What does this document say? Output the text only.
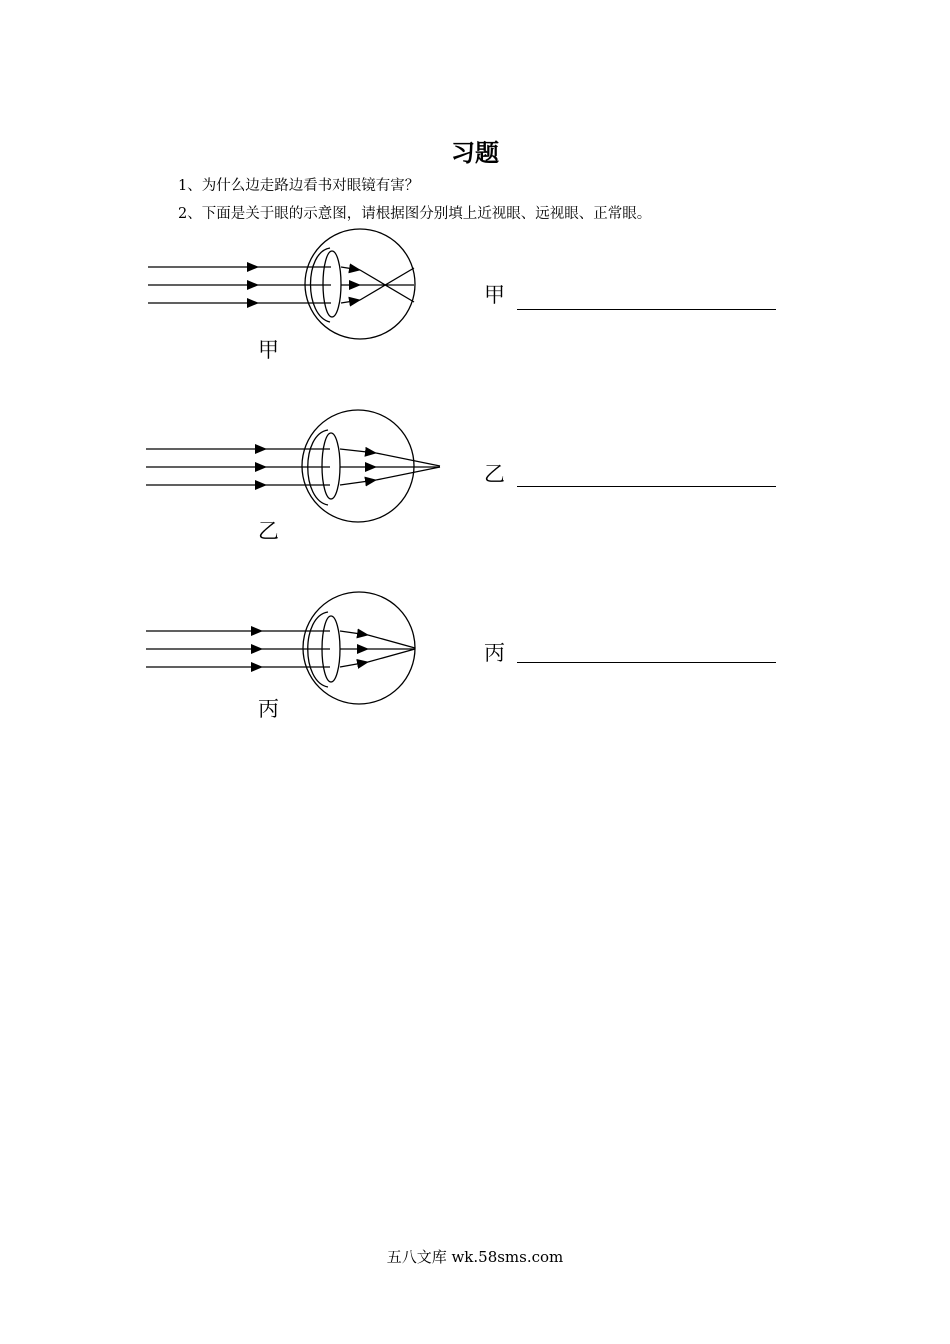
习题
1、为什么边走路边看书对眼镜有害？
2、下面是关于眼的示意图，请根据图分别填上近视眼、远视眼、正常眼。
甲
乙
丙
甲
乙
丙
五八文库 wk.58sms.com
